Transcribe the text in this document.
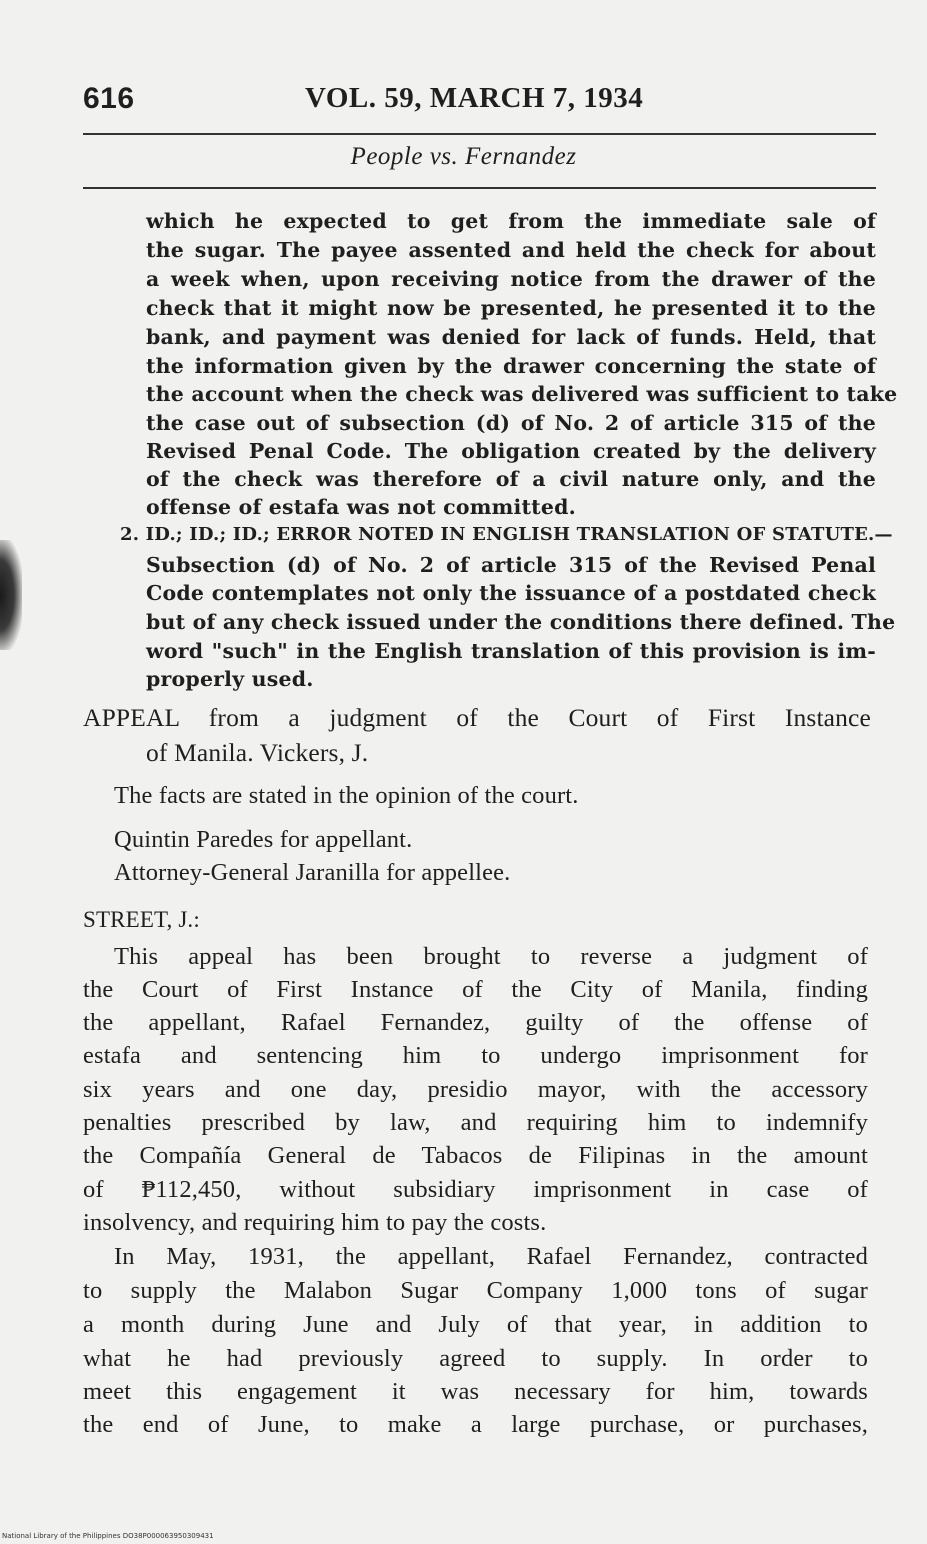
616	VOL. 59, MARCH 7, 1934
People vs. Fernandez
which he expected to get from the immediate sale of
the sugar. The payee assented and held the check for about
a week when, upon receiving notice from the drawer of the
check that it might now be presented, he presented it to the
bank, and payment was denied for lack of funds. Held, that
the information given by the drawer concerning the state of
the account when the check was delivered was sufficient to take
the case out of subsection (d) of No. 2 of article 315 of the
Revised Penal Code. The obligation created by the delivery
of the check was therefore of a civil nature only, and the
offense of estafa was not committed.
2. ID.; ID.; ID.; ERROR NOTED IN ENGLISH TRANSLATION OF STATUTE.—
Subsection (d) of No. 2 of article 315 of the Revised Penal
Code contemplates not only the issuance of a postdated check
but of any check issued under the conditions there defined. The
word "such" in the English translation of this provision is im-
properly used.
APPEAL from a judgment of the Court of First Instance
of Manila. Vickers, J.
The facts are stated in the opinion of the court.
Quintin Paredes for appellant.
Attorney-General Jaranilla for appellee.
STREET, J.:
This appeal has been brought to reverse a judgment of
the Court of First Instance of the City of Manila, finding
the appellant, Rafael Fernandez, guilty of the offense of
estafa and sentencing him to undergo imprisonment for
six years and one day, presidio mayor, with the accessory
penalties prescribed by law, and requiring him to indemnify
the Compañía General de Tabacos de Filipinas in the amount
of ₱112,450, without subsidiary imprisonment in case of
insolvency, and requiring him to pay the costs.
In May, 1931, the appellant, Rafael Fernandez, contracted
to supply the Malabon Sugar Company 1,000 tons of sugar
a month during June and July of that year, in addition to
what he had previously agreed to supply. In order to
meet this engagement it was necessary for him, towards
the end of June, to make a large purchase, or purchases,
National Library of the Philippines DO38P000063950309431
